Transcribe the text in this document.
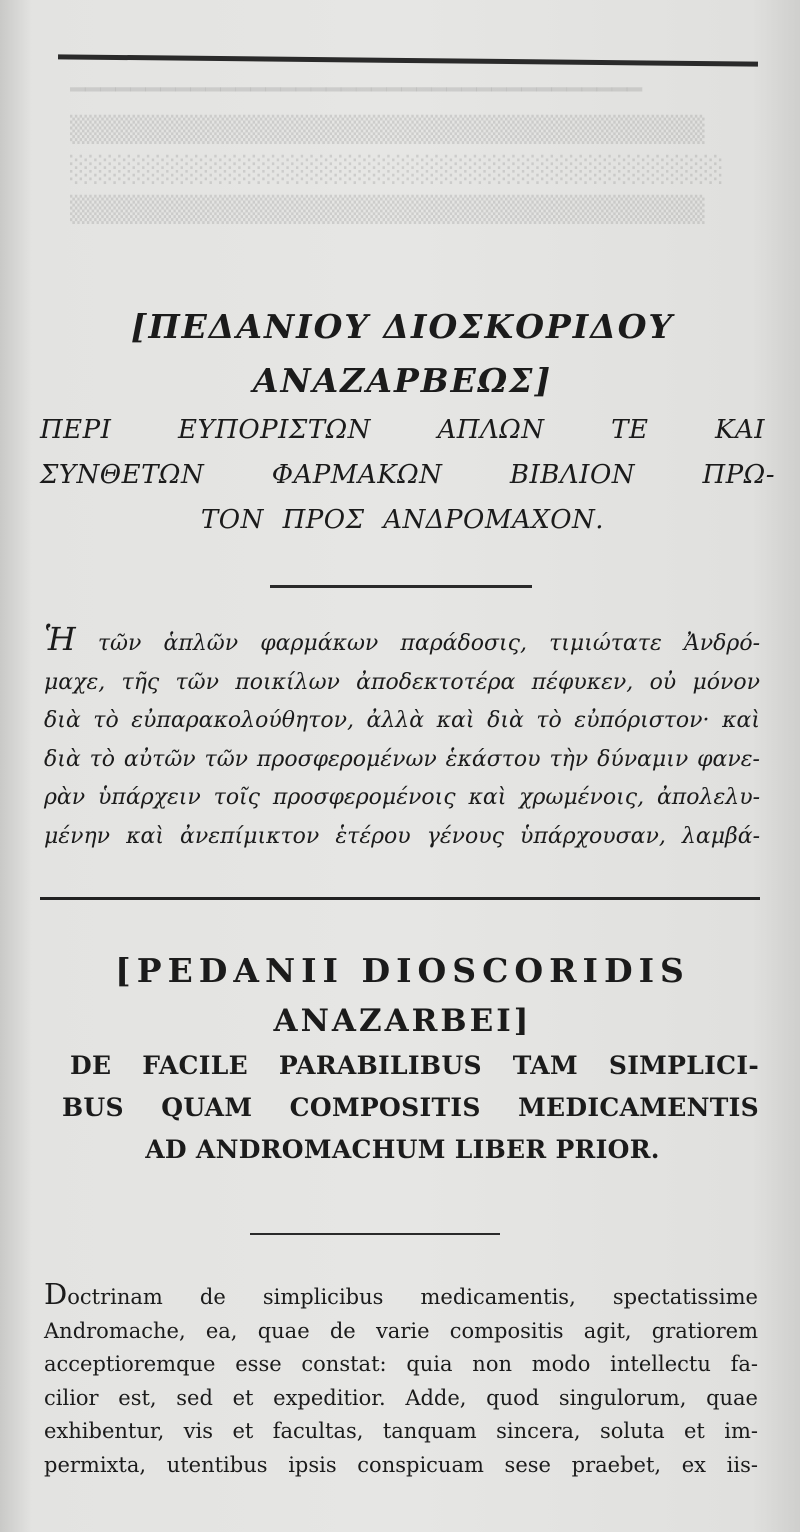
━━━━━━━━━━━━━━━━━━━━━━━━━━━━━━━━━━━━━━
▒▒▒▒▒▒▒▒▒▒▒▒▒▒▒▒▒▒▒▒▒▒▒▒▒▒▒▒▒▒▒▒▒
░░░░░░░░░░░░░░░░░░░░░░░░░░░░░░░░░░
▒▒▒▒▒▒▒▒▒▒▒▒▒▒▒▒▒▒▒▒▒▒▒▒▒▒▒▒▒▒▒▒▒
[ΠΕΔΑΝΙΟΥ ΔΙΟΣΚΟΡΙΔΟΥ
ΑΝΑΖΑΡΒΕΩΣ]
ΠΕΡΙ ΕΥΠΟΡΙΣΤΩΝ ΑΠΛΩΝ ΤΕ ΚΑΙ
ΣΥΝΘΕΤΩΝ ΦΑΡΜΑΚΩΝ ΒΙΒΛΙΟΝ ΠΡΩ-
ΤΟΝ ΠΡΟΣ ΑΝΔΡΟΜΑΧΟΝ.
Ἡ τῶν ἁπλῶν φαρμάκων παράδοσις, τιμιώτατε Ἀνδρό-
μαχε, τῆς τῶν ποικίλων ἀποδεκτοτέρα πέφυκεν, οὐ μόνον
διὰ τὸ εὐπαρακολούθητον, ἀλλὰ καὶ διὰ τὸ εὐπόριστον· καὶ
διὰ τὸ αὐτῶν τῶν προσφερομένων ἑκάστου τὴν δύναμιν φανε-
ρὰν ὑπάρχειν τοῖς προσφερομένοις καὶ χρωμένοις, ἀπολελυ-
μένην καὶ ἀνεπίμικτον ἑτέρου γένους ὑπάρχουσαν, λαμβά-
[PEDANII DIOSCORIDIS
ANAZARBEI]
DE FACILE PARABILIBUS TAM SIMPLICI-
BUS QUAM COMPOSITIS MEDICAMENTIS
AD ANDROMACHUM LIBER PRIOR.
Doctrinam de simplicibus medicamentis, spectatissime
Andromache, ea, quae de varie compositis agit, gratiorem
acceptioremque esse constat: quia non modo intellectu fa-
cilior est, sed et expeditior. Adde, quod singulorum, quae
exhibentur, vis et facultas, tanquam sincera, soluta et im-
permixta, utentibus ipsis conspicuam sese praebet, ex iis-
